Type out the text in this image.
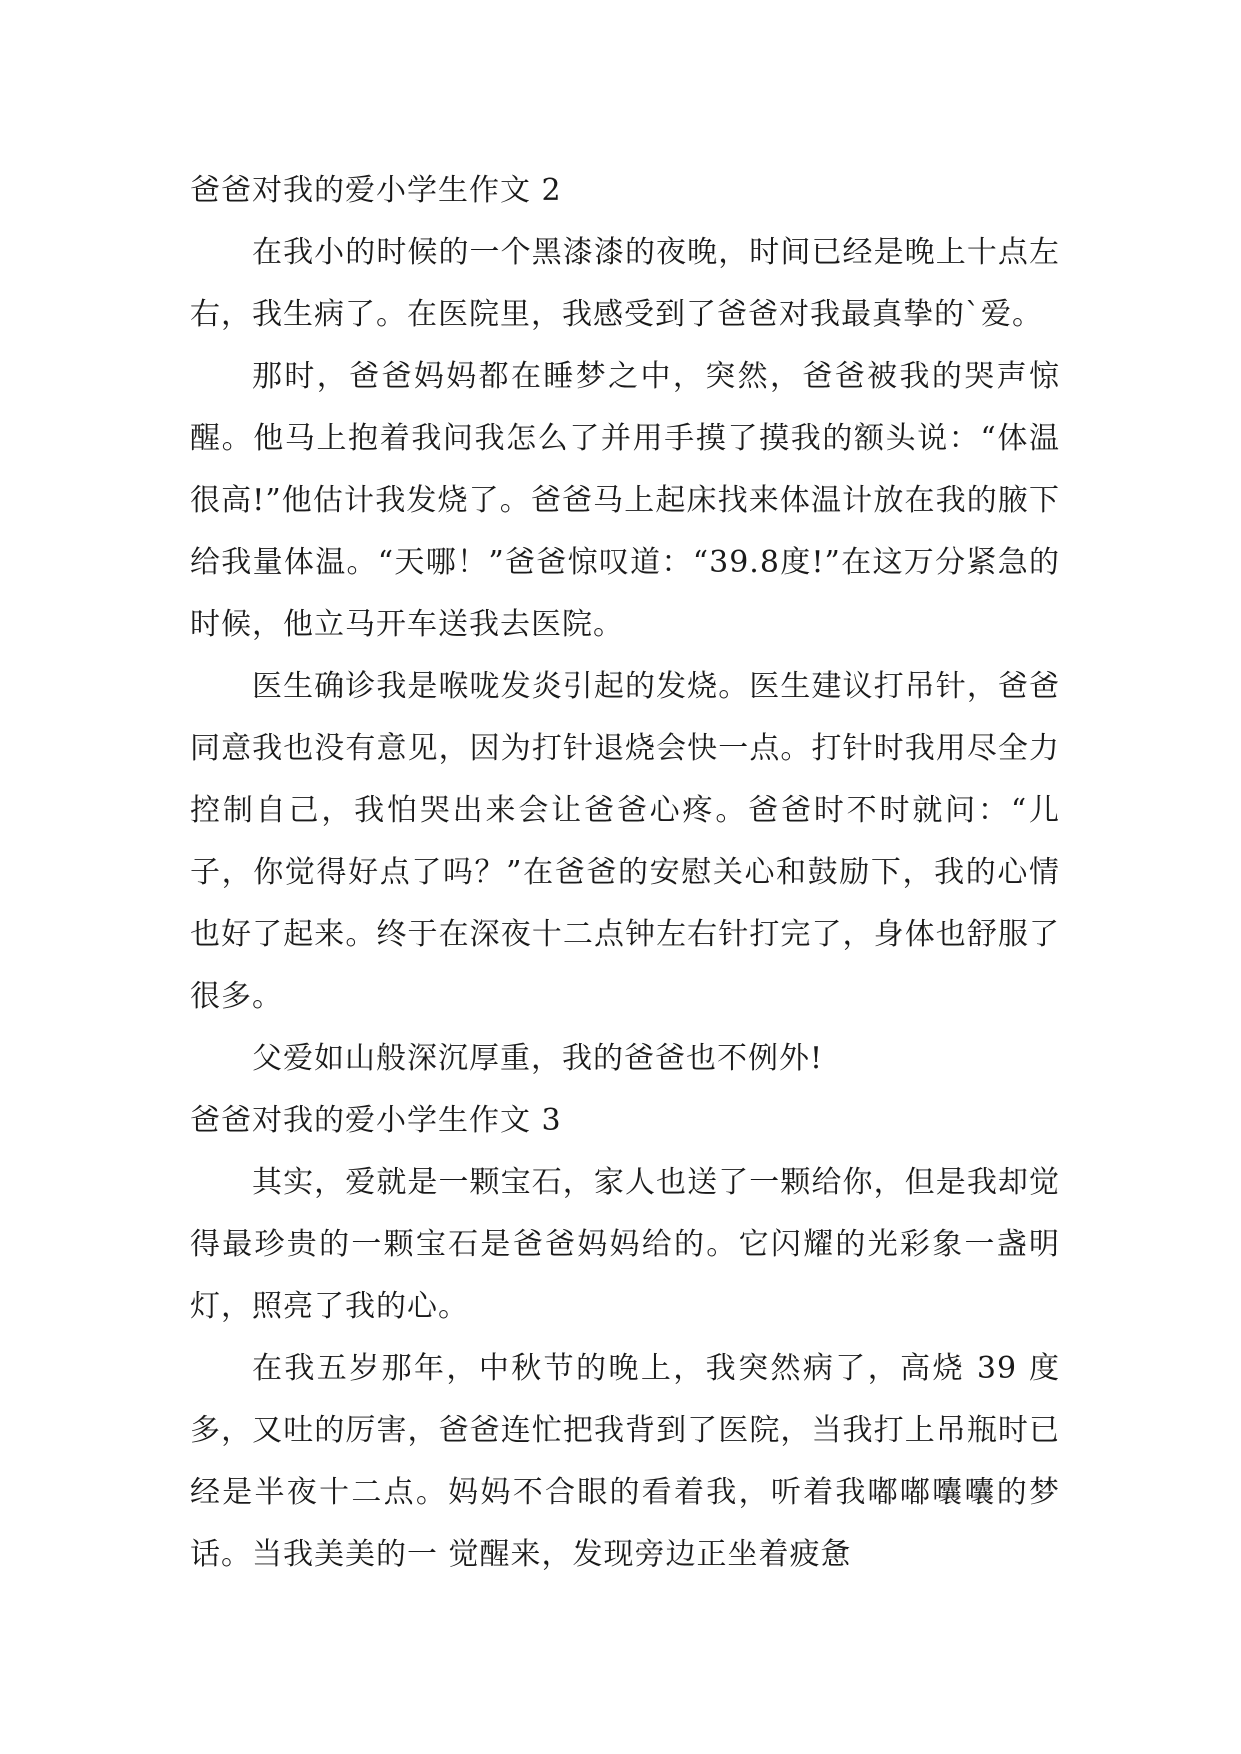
爸爸对我的爱小学生作文 2

在我小的时候的一个黑漆漆的夜晚，时间已经是晚上十点左右，我生病了。在医院里，我感受到了爸爸对我最真挚的`爱。

那时，爸爸妈妈都在睡梦之中，突然，爸爸被我的哭声惊醒。他马上抱着我问我怎么了并用手摸了摸我的额头说：“体温很高!”他估计我发烧了。爸爸马上起床找来体温计放在我的腋下给我量体温。“天哪！”爸爸惊叹道：“39.8度!”在这万分紧急的时候，他立马开车送我去医院。

医生确诊我是喉咙发炎引起的发烧。医生建议打吊针，爸爸同意我也没有意见，因为打针退烧会快一点。打针时我用尽全力控制自己，我怕哭出来会让爸爸心疼。爸爸时不时就问：“儿子，你觉得好点了吗？”在爸爸的安慰关心和鼓励下，我的心情也好了起来。终于在深夜十二点钟左右针打完了，身体也舒服了很多。

父爱如山般深沉厚重，我的爸爸也不例外!

爸爸对我的爱小学生作文 3

其实，爱就是一颗宝石，家人也送了一颗给你，但是我却觉得最珍贵的一颗宝石是爸爸妈妈给的。它闪耀的光彩象一盏明灯，照亮了我的心。

在我五岁那年，中秋节的晚上，我突然病了，高烧 39 度多，又吐的厉害，爸爸连忙把我背到了医院，当我打上吊瓶时已经是半夜十二点。妈妈不合眼的看着我，听着我嘟嘟囔囔的梦话。当我美美的一 觉醒来，发现旁边正坐着疲惫
